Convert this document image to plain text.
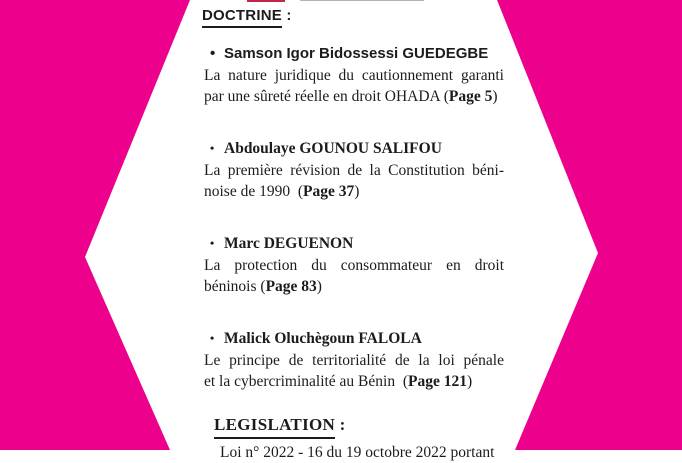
DOCTRINE :
• Samson Igor Bidossessi GUEDEGBE
La nature juridique du cautionnement garanti
par une sûreté réelle en droit OHADA (Page 5)
• Abdoulaye GOUNOU SALIFOU
La première révision de la Constitution béni-
noise de 1990  (Page 37)
• Marc DEGUENON
La protection du consommateur en droit
béninois (Page 83)
• Malick Oluchègoun FALOLA
Le principe de territorialité de la loi pénale
et la cybercriminalité au Bénin  (Page 121)
LEGISLATION :
Loi n° 2022 - 16 du 19 octobre 2022 portant
